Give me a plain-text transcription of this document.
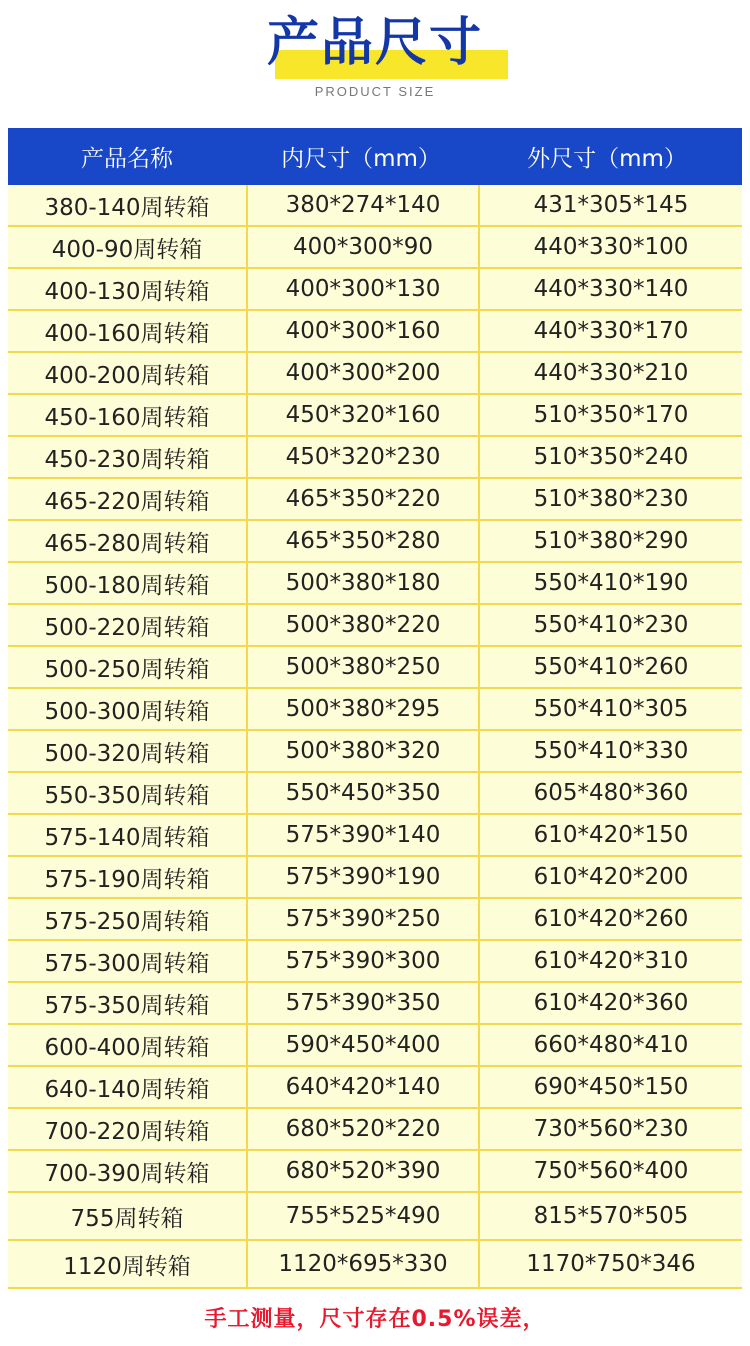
产品尺寸
PRODUCT SIZE
产品名称	内尺寸（mm）	外尺寸（mm）
380-140周转箱	380*274*140	431*305*145
400-90周转箱	400*300*90	440*330*100
400-130周转箱	400*300*130	440*330*140
400-160周转箱	400*300*160	440*330*170
400-200周转箱	400*300*200	440*330*210
450-160周转箱	450*320*160	510*350*170
450-230周转箱	450*320*230	510*350*240
465-220周转箱	465*350*220	510*380*230
465-280周转箱	465*350*280	510*380*290
500-180周转箱	500*380*180	550*410*190
500-220周转箱	500*380*220	550*410*230
500-250周转箱	500*380*250	550*410*260
500-300周转箱	500*380*295	550*410*305
500-320周转箱	500*380*320	550*410*330
550-350周转箱	550*450*350	605*480*360
575-140周转箱	575*390*140	610*420*150
575-190周转箱	575*390*190	610*420*200
575-250周转箱	575*390*250	610*420*260
575-300周转箱	575*390*300	610*420*310
575-350周转箱	575*390*350	610*420*360
600-400周转箱	590*450*400	660*480*410
640-140周转箱	640*420*140	690*450*150
700-220周转箱	680*520*220	730*560*230
700-390周转箱	680*520*390	750*560*400
755周转箱	755*525*490	815*570*505
1120周转箱	1120*695*330	1170*750*346
手工测量，尺寸存在0.5%误差，
